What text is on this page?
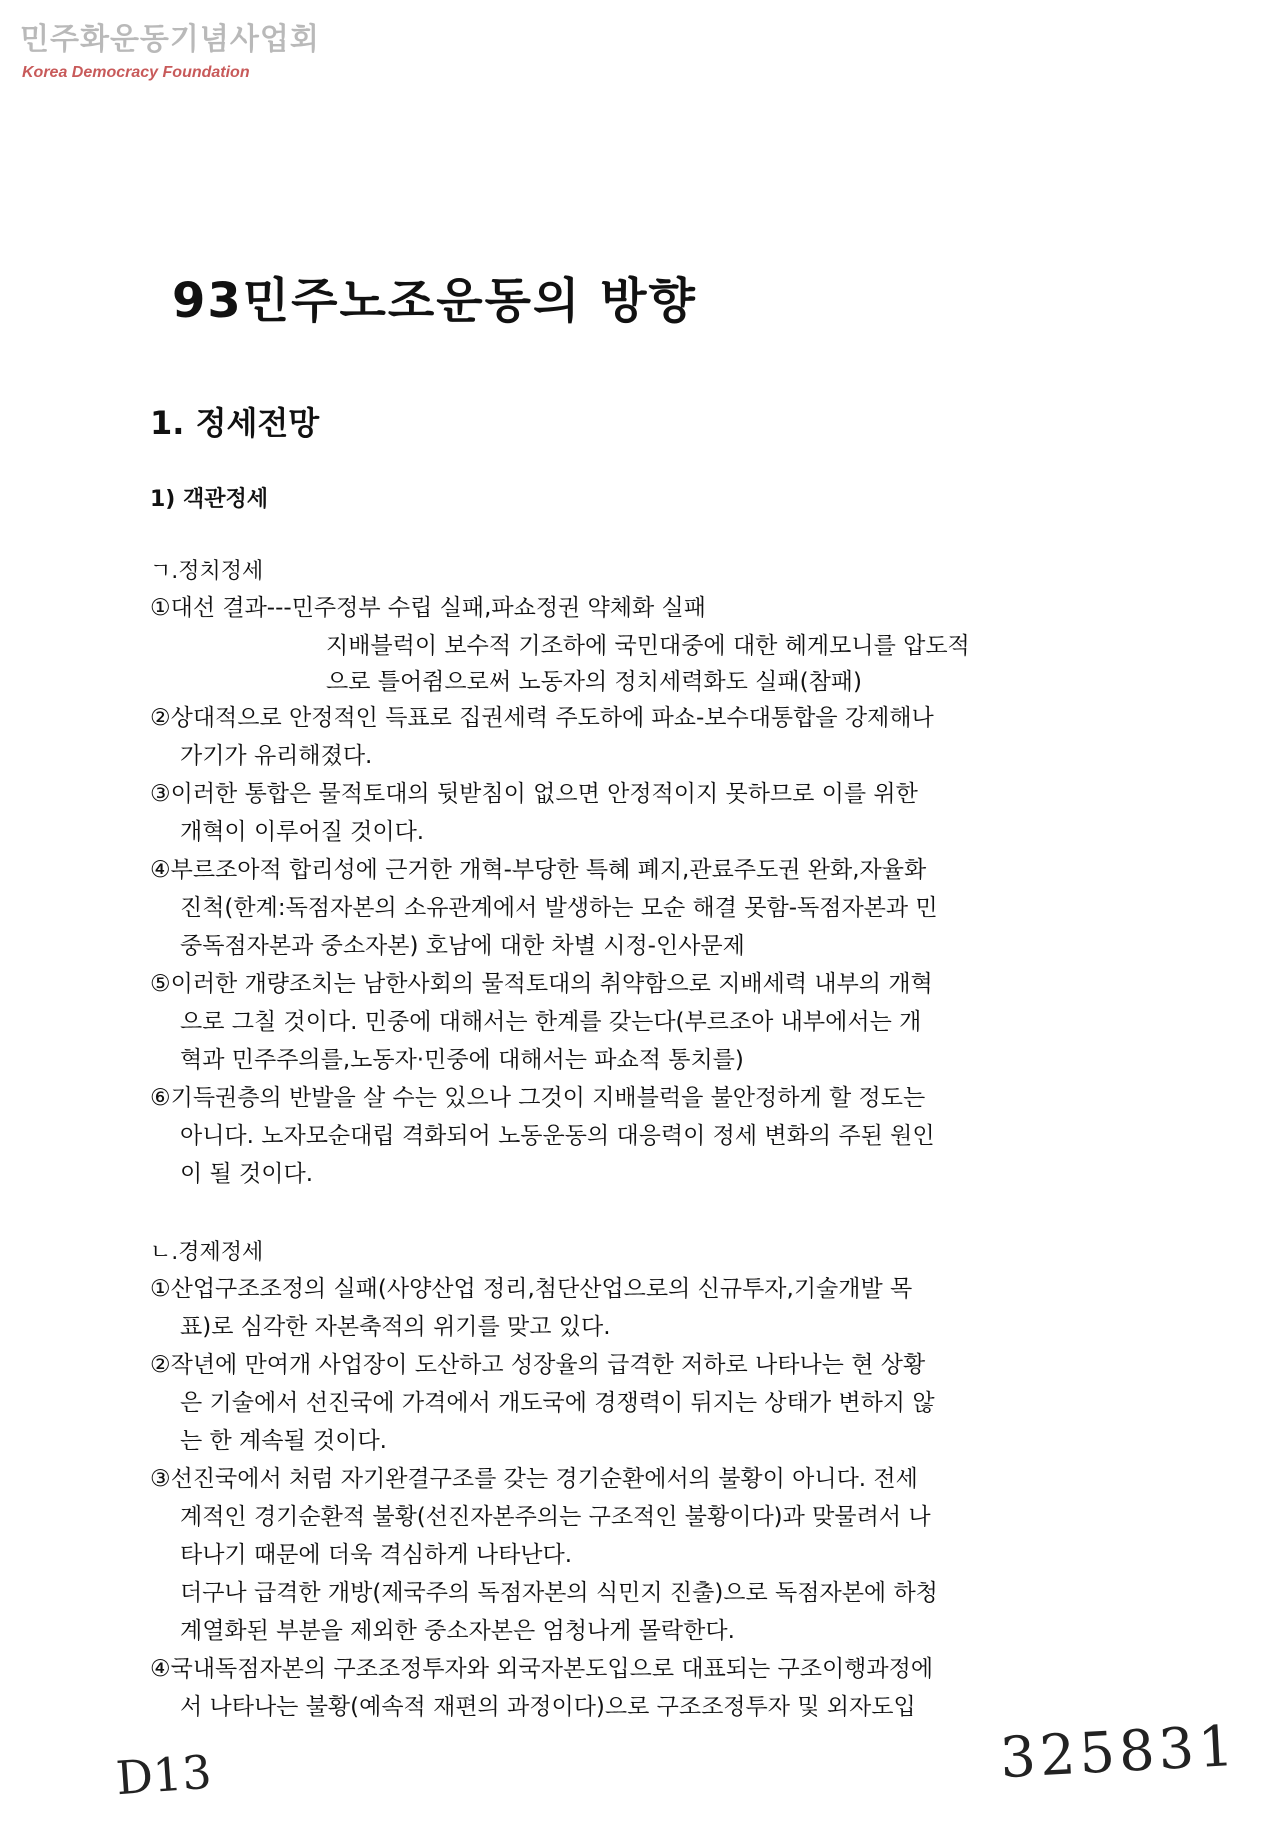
민주화운동기념사업회
Korea Democracy Foundation
93민주노조운동의 방향
1. 정세전망
1) 객관정세
ㄱ.정치정세
①대선 결과---민주정부 수립 실패,파쇼정권 약체화 실패
지배블럭이 보수적 기조하에 국민대중에 대한 헤게모니를 압도적
으로 틀어쥠으로써 노동자의 정치세력화도 실패(참패)
②상대적으로 안정적인 득표로 집권세력 주도하에 파쇼-보수대통합을 강제해나
가기가 유리해졌다.
③이러한 통합은 물적토대의 뒷받침이 없으면 안정적이지 못하므로 이를 위한
개혁이 이루어질 것이다.
④부르조아적 합리성에 근거한 개혁-부당한 특혜 폐지,관료주도권 완화,자율화
진척(한계:독점자본의 소유관계에서 발생하는 모순 해결 못함-독점자본과 민
중독점자본과 중소자본) 호남에 대한 차별 시정-인사문제
⑤이러한 개량조치는 남한사회의 물적토대의 취약함으로 지배세력 내부의 개혁
으로 그칠 것이다. 민중에 대해서는 한계를 갖는다(부르조아 내부에서는 개
혁과 민주주의를,노동자·민중에 대해서는 파쇼적 통치를)
⑥기득권층의 반발을 살 수는 있으나 그것이 지배블럭을 불안정하게 할 정도는
아니다. 노자모순대립 격화되어 노동운동의 대응력이 정세 변화의 주된 원인
이 될 것이다.
ㄴ.경제정세
①산업구조조정의 실패(사양산업 정리,첨단산업으로의 신규투자,기술개발 목
표)로 심각한 자본축적의 위기를 맞고 있다.
②작년에 만여개 사업장이 도산하고 성장율의 급격한 저하로 나타나는 현 상황
은 기술에서 선진국에 가격에서 개도국에 경쟁력이 뒤지는 상태가 변하지 않
는 한 계속될 것이다.
③선진국에서 처럼 자기완결구조를 갖는 경기순환에서의 불황이 아니다. 전세
계적인 경기순환적 불황(선진자본주의는 구조적인 불황이다)과 맞물려서 나
타나기 때문에 더욱 격심하게 나타난다.
더구나 급격한 개방(제국주의 독점자본의 식민지 진출)으로 독점자본에 하청
계열화된 부분을 제외한 중소자본은 엄청나게 몰락한다.
④국내독점자본의 구조조정투자와 외국자본도입으로 대표되는 구조이행과정에
서 나타나는 불황(예속적 재편의 과정이다)으로 구조조정투자 및 외자도입
D13	325831
